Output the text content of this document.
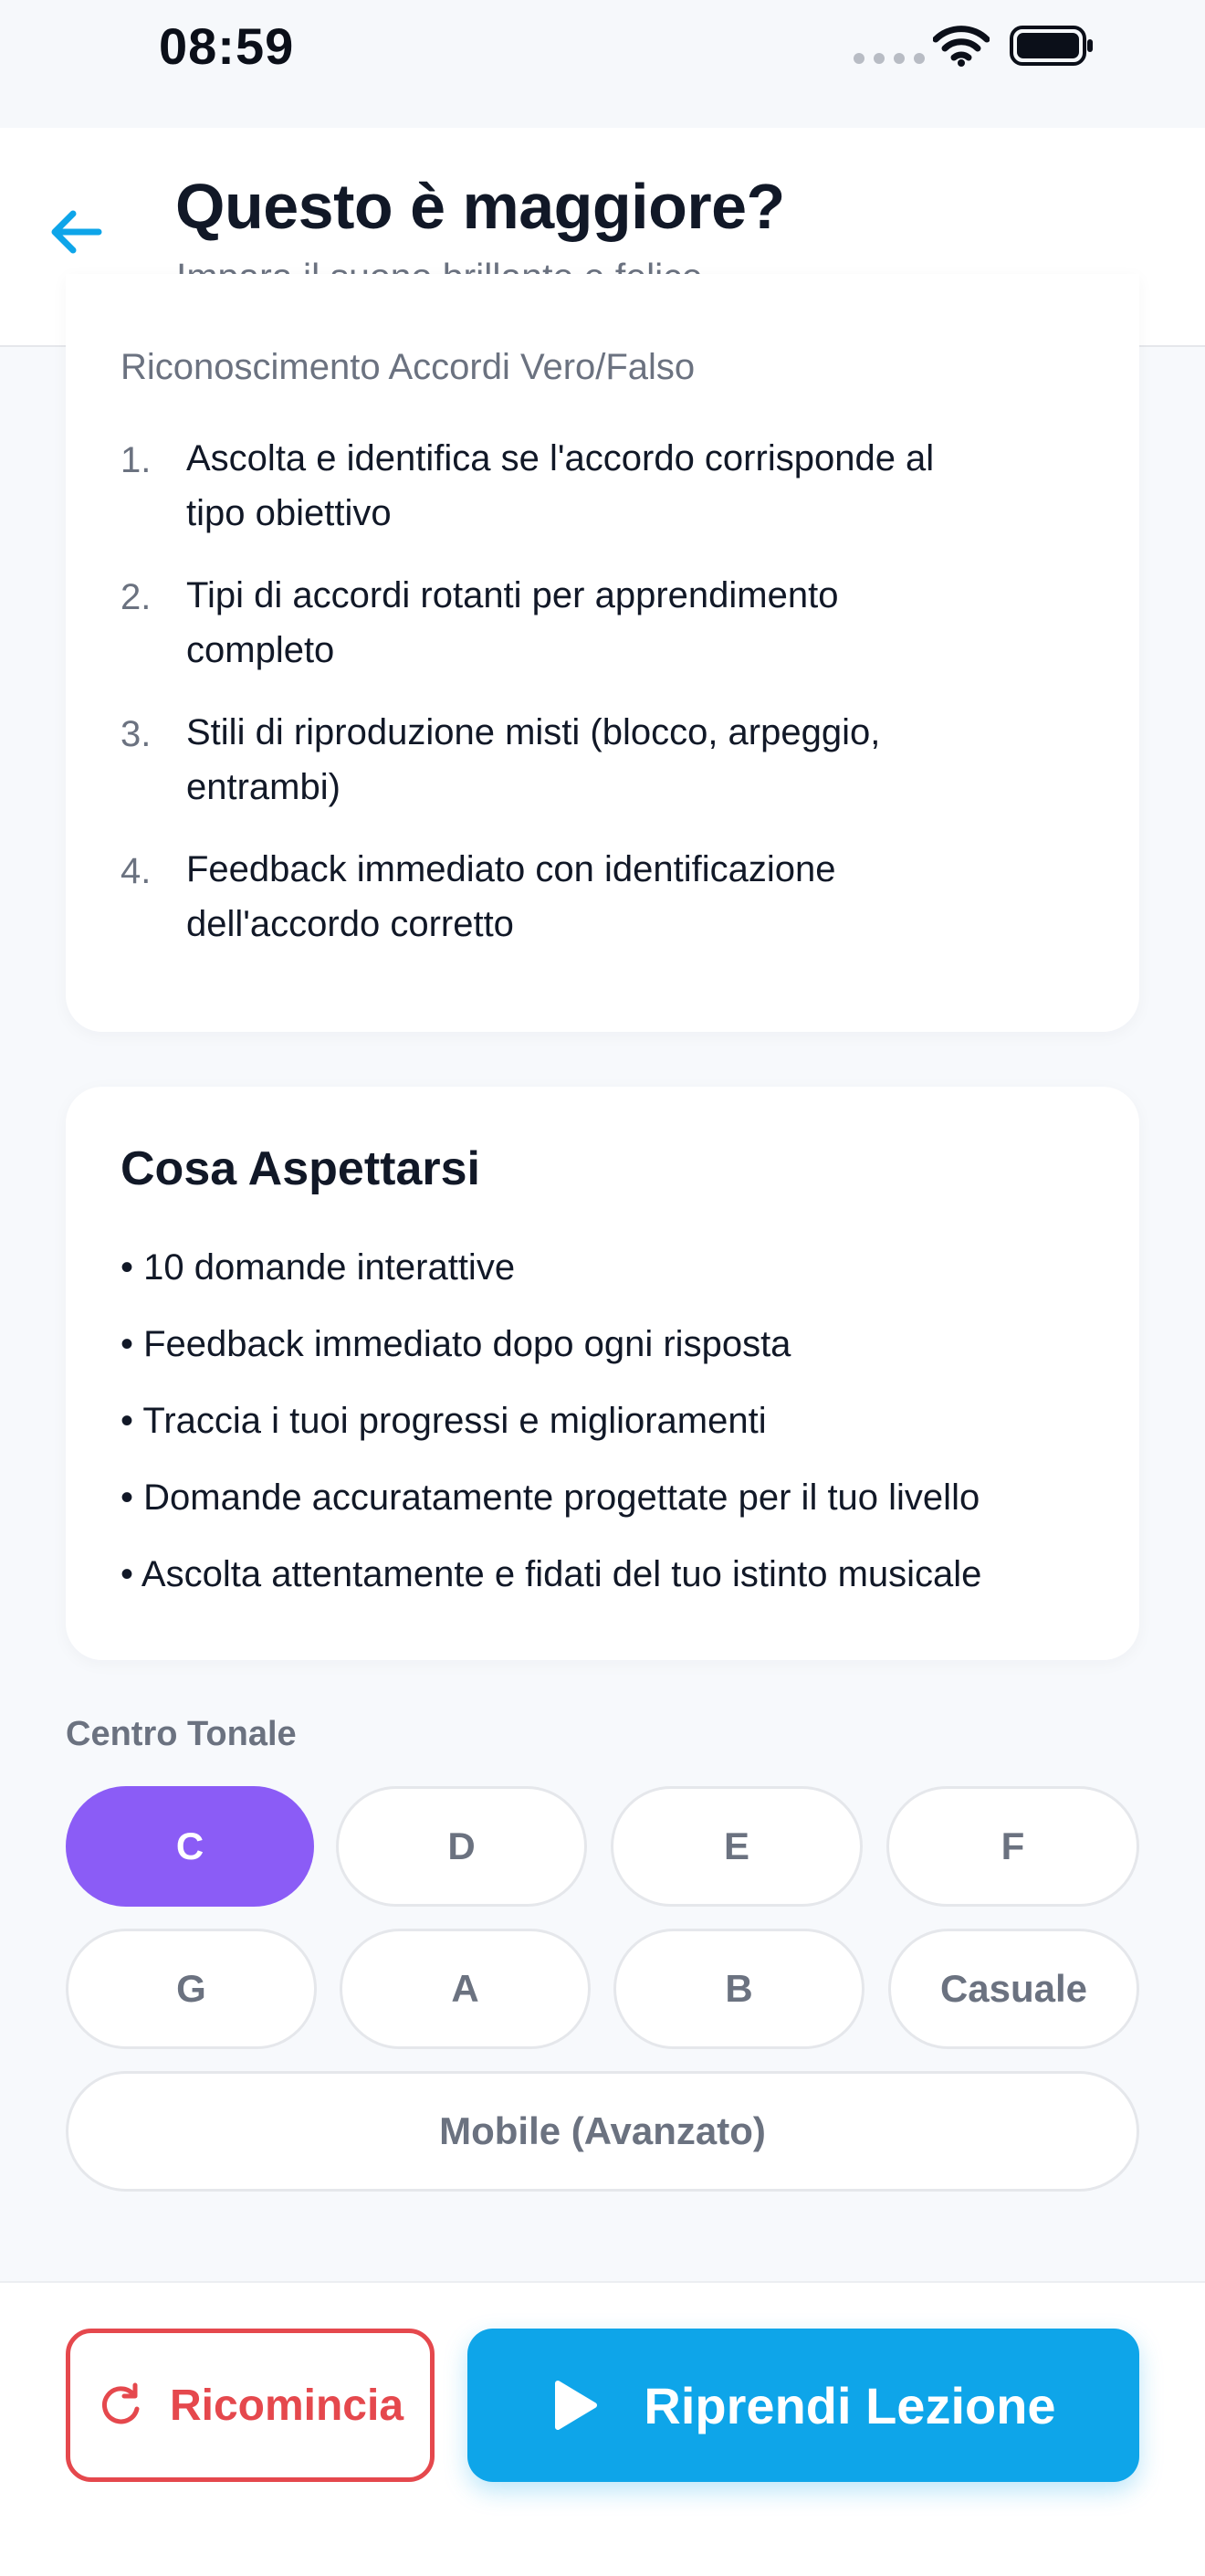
08:59
Questo è maggiore?
Riconoscimento Accordi Vero/Falso
1. Ascolta e identifica se l'accordo corrisponde al
tipo obiettivo
2. Tipi di accordi rotanti per apprendimento
completo
3. Stili di riproduzione misti (blocco, arpeggio,
entrambi)
4. Feedback immediato con identificazione
dell'accordo corretto
Cosa Aspettarsi
• 10 domande interattive
• Feedback immediato dopo ogni risposta
• Traccia i tuoi progressi e miglioramenti
• Domande accuratamente progettate per il tuo livello
• Ascolta attentamente e fidati del tuo istinto musicale
Centro Tonale
C	D	E	F
G	A	B	Casuale
Mobile (Avanzato)
Ricomincia	Riprendi Lezione
